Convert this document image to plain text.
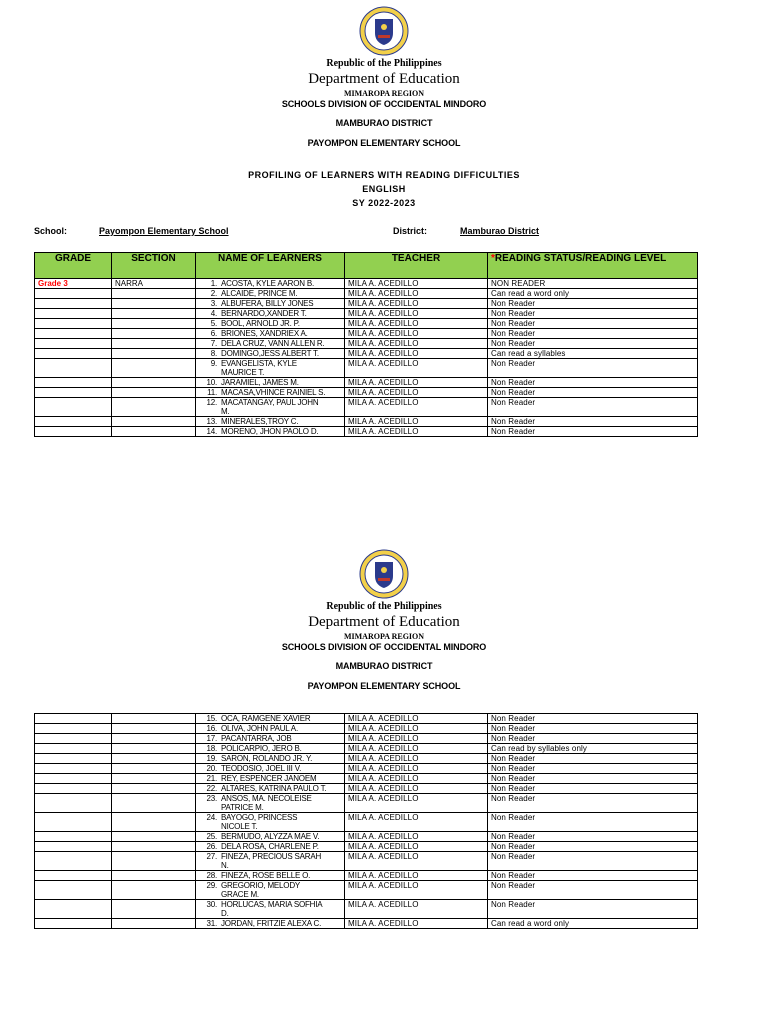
Republic of the Philippines
Department of Education
MIMAROPA REGION
SCHOOLS DIVISION OF OCCIDENTAL MINDORO
MAMBURAO DISTRICT
PAYOMPON ELEMENTARY SCHOOL
PROFILING OF LEARNERS WITH READING DIFFICULTIES
ENGLISH
SY 2022-2023
School:	Payompon Elementary School	District:	Mamburao District
GRADE	SECTION	NAME OF LEARNERS	TEACHER	*READING STATUS/READING LEVEL
Grade 3	NARRA	1. ACOSTA, KYLE AARON B.	MILA A. ACEDILLO	NON READER
		2. ALCAIDE, PRINCE M.	MILA A. ACEDILLO	Can read a word only
		3. ALBUFERA, BILLY JONES	MILA A. ACEDILLO	Non Reader
		4. BERNARDO,XANDER T.	MILA A. ACEDILLO	Non Reader
		5. BOOL, ARNOLD JR. P.	MILA A. ACEDILLO	Non Reader
		6. BRIONES, XANDRIEX A.	MILA A. ACEDILLO	Non Reader
		7. DELA CRUZ, VANN ALLEN R.	MILA A. ACEDILLO	Non Reader
		8. DOMINGO,JESS ALBERT T.	MILA A. ACEDILLO	Can read a syllables
		9. EVANGELISTA, KYLE MAURICE T.	MILA A. ACEDILLO	Non Reader
		10. JARAMIEL, JAMES M.	MILA A. ACEDILLO	Non Reader
		11. MACASA,VHINCE RAINIEL S.	MILA A. ACEDILLO	Non Reader
		12. MACATANGAY, PAUL JOHN M.	MILA A. ACEDILLO	Non Reader
		13. MINERALES,TROY C.	MILA A. ACEDILLO	Non Reader
		14. MORENO, JHON PAOLO D.	MILA A. ACEDILLO	Non Reader
Republic of the Philippines
Department of Education
MIMAROPA REGION
SCHOOLS DIVISION OF OCCIDENTAL MINDORO
MAMBURAO DISTRICT
PAYOMPON ELEMENTARY SCHOOL
		15. OCA, RAMGENE XAVIER	MILA A. ACEDILLO	Non Reader
		16. OLIVA, JOHN PAUL A.	MILA A. ACEDILLO	Non Reader
		17. PACANTARRA, JOB	MILA A. ACEDILLO	Non Reader
		18. POLICARPIO, JERO B.	MILA A. ACEDILLO	Can read by syllables only
		19. SARON, ROLANDO JR. Y.	MILA A. ACEDILLO	Non Reader
		20. TEODOSIO, JOEL III V.	MILA A. ACEDILLO	Non Reader
		21. REY, ESPENCER JANOEM	MILA A. ACEDILLO	Non Reader
		22. ALTARES, KATRINA PAULO T.	MILA A. ACEDILLO	Non Reader
		23. ANSOS, MA. NECOLEISE PATRICE M.	MILA A. ACEDILLO	Non Reader
		24. BAYOGO, PRINCESS NICOLE T.	MILA A. ACEDILLO	Non Reader
		25. BERMUDO, ALYZZA MAE V.	MILA A. ACEDILLO	Non Reader
		26. DELA ROSA, CHARLENE P.	MILA A. ACEDILLO	Non Reader
		27. FINEZA, PRECIOUS SARAH N.	MILA A. ACEDILLO	Non Reader
		28. FINEZA, ROSE BELLE O.	MILA A. ACEDILLO	Non Reader
		29. GREGORIO, MELODY GRACE M.	MILA A. ACEDILLO	Non Reader
		30. HORLUCAS, MARIA SOFHIA D.	MILA A. ACEDILLO	Non Reader
		31. JORDAN, FRITZIE ALEXA C.	MILA A. ACEDILLO	Can read a word only
